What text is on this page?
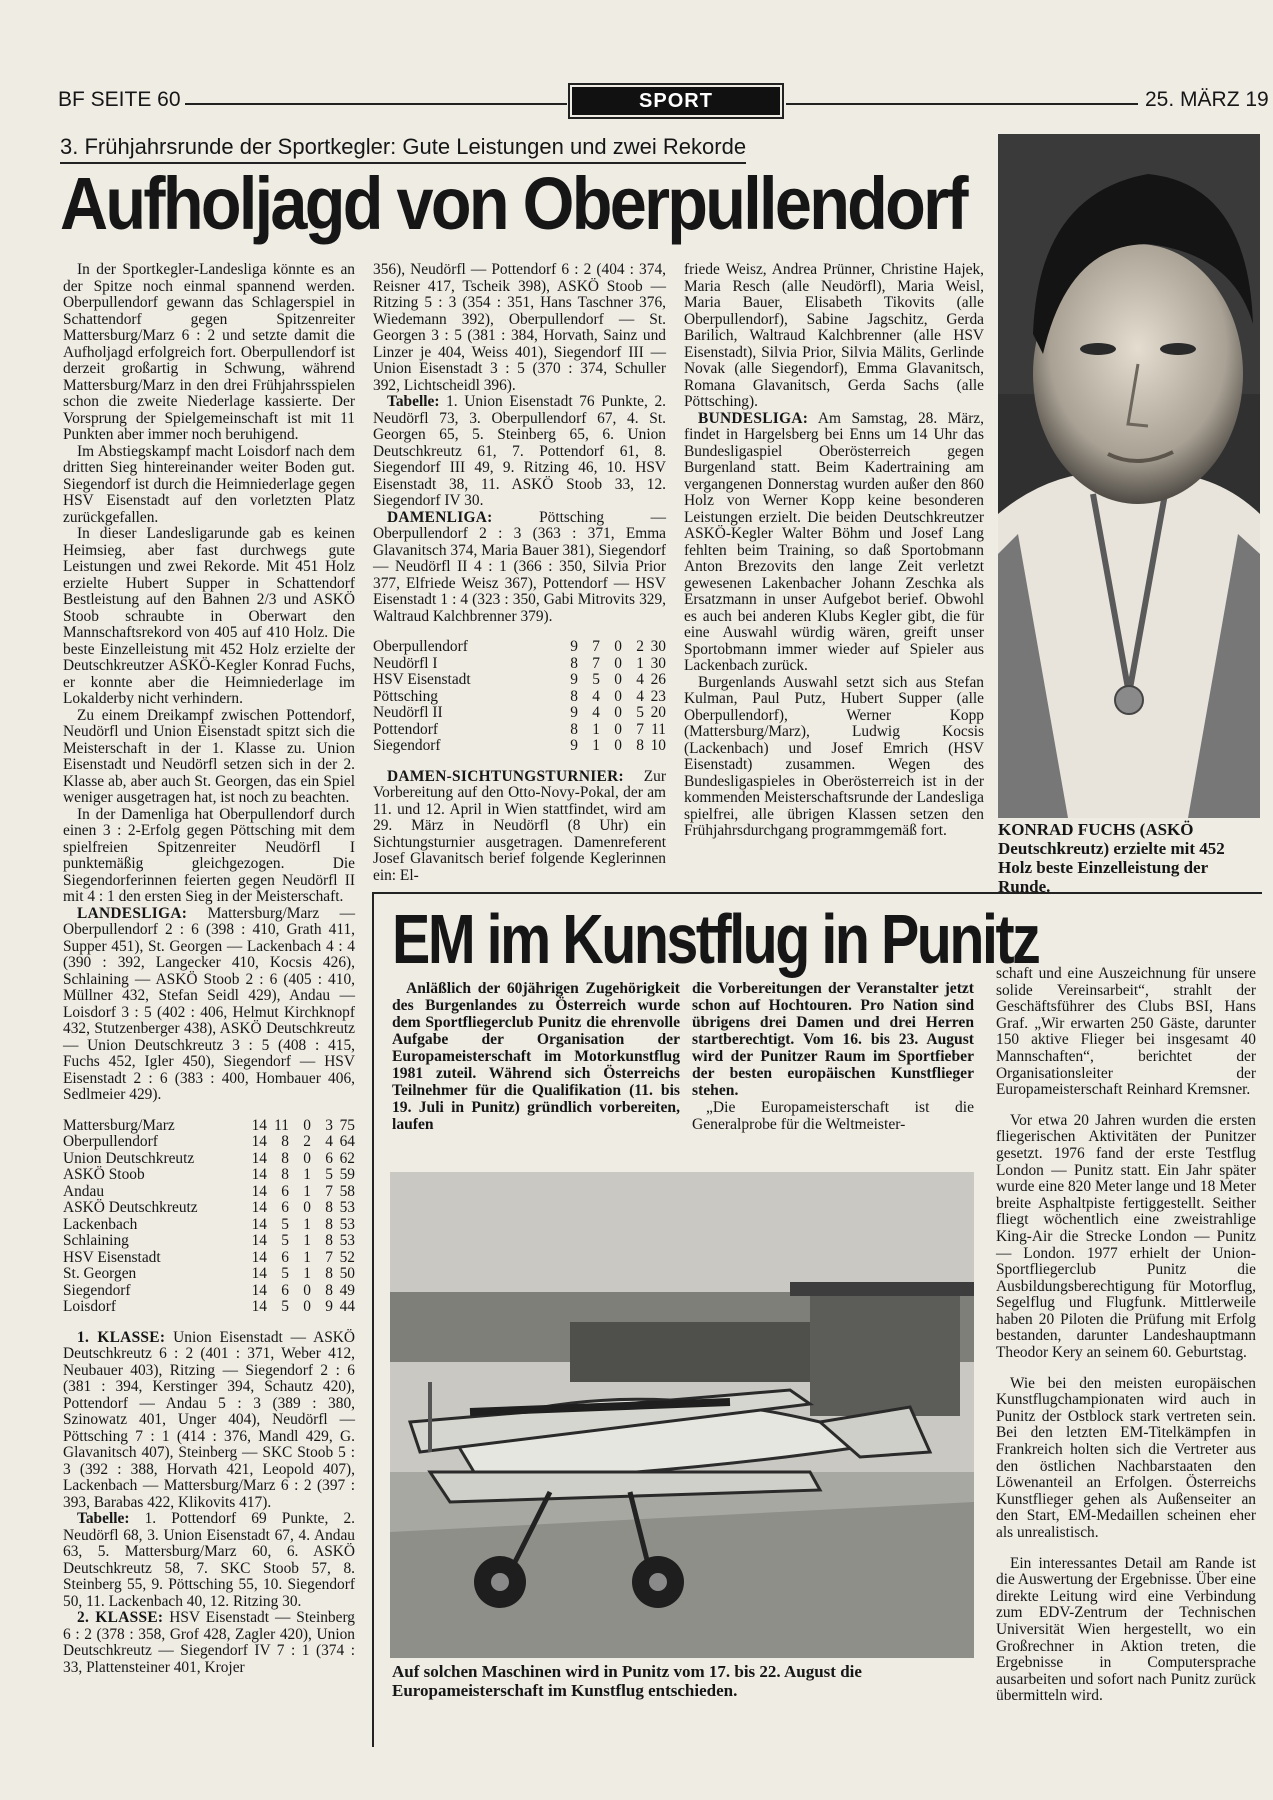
BF SEITE 60	SPORT	25. MÄRZ 19
3. Frühjahrsrunde der Sportkegler: Gute Leistungen und zwei Rekorde
Aufholjagd von Oberpullendorf

In der Sportkegler-Landesliga könnte es an der Spitze noch einmal spannend werden. Oberpullendorf gewann das Schlagerspiel in Schattendorf gegen Spitzenreiter Mattersburg/Marz 6 : 2 und setzte damit die Aufholjagd erfolgreich fort. Oberpullendorf ist derzeit großartig in Schwung, während Mattersburg/Marz in den drei Frühjahrsspielen schon die zweite Niederlage kassierte. Der Vorsprung der Spielgemeinschaft ist mit 11 Punkten aber immer noch beruhigend.

Im Abstiegskampf macht Loisdorf nach dem dritten Sieg hintereinander weiter Boden gut. Siegendorf ist durch die Heimniederlage gegen HSV Eisenstadt auf den vorletzten Platz zurückgefallen.

In dieser Landesligarunde gab es keinen Heimsieg, aber fast durchwegs gute Leistungen und zwei Rekorde. Mit 451 Holz erzielte Hubert Supper in Schattendorf Bestleistung auf den Bahnen 2/3 und ASKÖ Stoob schraubte in Oberwart den Mannschaftsrekord von 405 auf 410 Holz. Die beste Einzelleistung mit 452 Holz erzielte der Deutschkreutzer ASKÖ-Kegler Konrad Fuchs, er konnte aber die Heimniederlage im Lokalderby nicht verhindern.

Zu einem Dreikampf zwischen Pottendorf, Neudörfl und Union Eisenstadt spitzt sich die Meisterschaft in der 1. Klasse zu. Union Eisenstadt und Neudörfl setzen sich in der 2. Klasse ab, aber auch St. Georgen, das ein Spiel weniger ausgetragen hat, ist noch zu beachten.

In der Damenliga hat Oberpullendorf durch einen 3 : 2-Erfolg gegen Pöttsching mit dem spielfreien Spitzenreiter Neudörfl I punktemäßig gleichgezogen. Die Siegendorferinnen feierten gegen Neudörfl II mit 4 : 1 den ersten Sieg in der Meisterschaft.

LANDESLIGA: Mattersburg/Marz — Oberpullendorf 2 : 6 (398 : 410, Grath 411, Supper 451), St. Georgen — Lackenbach 4 : 4 (390 : 392, Langecker 410, Kocsis 426), Schlaining — ASKÖ Stoob 2 : 6 (405 : 410, Müllner 432, Stefan Seidl 429), Andau — Loisdorf 3 : 5 (402 : 406, Helmut Kirchknopf 432, Stutzenberger 438), ASKÖ Deutschkreutz — Union Deutschkreutz 3 : 5 (408 : 415, Fuchs 452, Igler 450), Siegendorf — HSV Eisenstadt 2 : 6 (383 : 400, Hombauer 406, Sedlmeier 429).

Mattersburg/Marz	14	11	0	3	75
Oberpullendorf	14	8	2	4	64
Union Deutschkreutz	14	8	0	6	62
ASKÖ Stoob	14	8	1	5	59
Andau	14	6	1	7	58
ASKÖ Deutschkreutz	14	6	0	8	53
Lackenbach	14	5	1	8	53
Schlaining	14	5	1	8	53
HSV Eisenstadt	14	6	1	7	52
St. Georgen	14	5	1	8	50
Siegendorf	14	6	0	8	49
Loisdorf	14	5	0	9	44

1. KLASSE: Union Eisenstadt — ASKÖ Deutschkreutz 6 : 2 (401 : 371, Weber 412, Neubauer 403), Ritzing — Siegendorf 2 : 6 (381 : 394, Kerstinger 394, Schautz 420), Pottendorf — Andau 5 : 3 (389 : 380, Szinowatz 401, Unger 404), Neudörfl — Pöttsching 7 : 1 (414 : 376, Mandl 429, G. Glavanitsch 407), Steinberg — SKC Stoob 5 : 3 (392 : 388, Horvath 421, Leopold 407), Lackenbach — Mattersburg/Marz 6 : 2 (397 : 393, Barabas 422, Klikovits 417).

Tabelle: 1. Pottendorf 69 Punkte, 2. Neudörfl 68, 3. Union Eisenstadt 67, 4. Andau 63, 5. Mattersburg/Marz 60, 6. ASKÖ Deutschkreutz 58, 7. SKC Stoob 57, 8. Steinberg 55, 9. Pöttsching 55, 10. Siegendorf 50, 11. Lackenbach 40, 12. Ritzing 30.

2. KLASSE: HSV Eisenstadt — Steinberg 6 : 2 (378 : 358, Grof 428, Zagler 420), Union Deutschkreutz — Siegendorf IV 7 : 1 (374 : 33, Plattensteiner 401, Krojer

356), Neudörfl — Pottendorf 6 : 2 (404 : 374, Reisner 417, Tscheik 398), ASKÖ Stoob — Ritzing 5 : 3 (354 : 351, Hans Taschner 376, Wiedemann 392), Oberpullendorf — St. Georgen 3 : 5 (381 : 384, Horvath, Sainz und Linzer je 404, Weiss 401), Siegendorf III — Union Eisenstadt 3 : 5 (370 : 374, Schuller 392, Lichtscheidl 396).

Tabelle: 1. Union Eisenstadt 76 Punkte, 2. Neudörfl 73, 3. Oberpullendorf 67, 4. St. Georgen 65, 5. Steinberg 65, 6. Union Deutschkreutz 61, 7. Pottendorf 61, 8. Siegendorf III 49, 9. Ritzing 46, 10. HSV Eisenstadt 38, 11. ASKÖ Stoob 33, 12. Siegendorf IV 30.

DAMENLIGA:	Pöttsching — Oberpullendorf 2 : 3 (363 : 371, Emma Glavanitsch 374, Maria Bauer 381), Siegendorf — Neudörfl II 4 : 1 (366 : 350, Silvia Prior 377, Elfriede Weisz 367), Pottendorf — HSV Eisenstadt 1 : 4 (323 : 350, Gabi Mitrovits 329, Waltraud Kalchbrenner 379).

Oberpullendorf	9	7	0	2	30
Neudörfl I	8	7	0	1	30
HSV Eisenstadt	9	5	0	4	26
Pöttsching	8	4	0	4	23
Neudörfl II	9	4	0	5	20
Pottendorf	8	1	0	7	11
Siegendorf	9	1	0	8	10

DAMEN-SICHTUNGSTURNIER: Zur Vorbereitung auf den Otto-Novy-Pokal, der am 11. und 12. April in Wien stattfindet, wird am 29. März in Neudörfl (8 Uhr) ein Sichtungsturnier ausgetragen. Damenreferent Josef Glavanitsch berief folgende Keglerinnen ein: El-

friede Weisz, Andrea Prünner, Christine Hajek, Maria Resch (alle Neudörfl), Maria Weisl, Maria Bauer, Elisabeth Tikovits (alle Oberpullendorf), Sabine Jagschitz, Gerda Barilich, Waltraud Kalchbrenner (alle HSV Eisenstadt), Silvia Prior, Silvia Mälits, Gerlinde Novak (alle Siegendorf), Emma Glavanitsch, Romana Glavanitsch, Gerda Sachs (alle Pöttsching).

BUNDESLIGA: Am Samstag, 28. März, findet in Hargelsberg bei Enns um 14 Uhr das Bundesligaspiel Oberösterreich gegen Burgenland statt. Beim Kadertraining am vergangenen Donnerstag wurden außer den 860 Holz von Werner Kopp keine besonderen Leistungen erzielt. Die beiden Deutschkreutzer ASKÖ-Kegler Walter Böhm und Josef Lang fehlten beim Training, so daß Sportobmann Anton Brezovits den lange Zeit verletzt gewesenen Lakenbacher Johann Zeschka als Ersatzmann in unser Aufgebot berief. Obwohl es auch bei anderen Klubs Kegler gibt, die für eine Auswahl würdig wären, greift unser Sportobmann immer wieder auf Spieler aus Lackenbach zurück.

Burgenlands Auswahl setzt sich aus Stefan Kulman, Paul Putz, Hubert Supper (alle Oberpullendorf), Werner Kopp (Mattersburg/Marz), Ludwig Kocsis (Lackenbach) und Josef Emrich (HSV Eisenstadt) zusammen. Wegen des Bundesligaspieles in Oberösterreich ist in der kommenden Meisterschaftsrunde der Landesliga spielfrei, alle übrigen Klassen setzen den Frühjahrsdurchgang programmgemäß fort.	KONRAD FUCHS (ASKÖ Deutschkreutz) erzielte mit 452 Holz beste Einzelleistung der Runde.
EM im Kunstflug in Punitz

Anläßlich der 60jährigen Zugehörigkeit des Burgenlandes zu Österreich wurde dem Sportfliegerclub Punitz die ehrenvolle Aufgabe der Organisation der Europameisterschaft im Motorkunstflug 1981 zuteil. Während sich Österreichs Teilnehmer für die Qualifikation (11. bis 19. Juli in Punitz) gründlich vorbereiten, laufen

die Vorbereitungen der Veranstalter jetzt schon auf Hochtouren. Pro Nation sind übrigens drei Damen und drei Herren startberechtigt. Vom 16. bis 23. August wird der Punitzer Raum im Sportfieber der besten europäischen Kunstflieger stehen.

„Die Europameisterschaft ist die Generalprobe für die Weltmeister-

Auf solchen Maschinen wird in Punitz vom 17. bis 22. August die Europameisterschaft im Kunstflug entschieden.

schaft und eine Auszeichnung für unsere solide Vereinsarbeit“, strahlt der Geschäftsführer des Clubs BSI, Hans Graf. „Wir erwarten 250 Gäste, darunter 150 aktive Flieger bei insgesamt 40 Mannschaften“, berichtet der Organisationsleiter der Europameisterschaft Reinhard Kremsner.

Vor etwa 20 Jahren wurden die ersten fliegerischen Aktivitäten der Punitzer gesetzt. 1976 fand der erste Testflug London — Punitz statt. Ein Jahr später wurde eine 820 Meter lange und 18 Meter breite Asphaltpiste fertiggestellt. Seither fliegt wöchentlich eine zweistrahlige King-Air die Strecke London — Punitz — London. 1977 erhielt der Union-Sportfliegerclub Punitz die Ausbildungsberechtigung für Motorflug, Segelflug und Flugfunk. Mittlerweile haben 20 Piloten die Prüfung mit Erfolg bestanden, darunter Landeshauptmann Theodor Kery an seinem 60. Geburtstag.

Wie bei den meisten europäischen Kunstflugchampionaten wird auch in Punitz der Ostblock stark vertreten sein. Bei den letzten EM-Titelkämpfen in Frankreich holten sich die Vertreter aus den östlichen Nachbarstaaten den Löwenanteil an Erfolgen. Österreichs Kunstflieger gehen als Außenseiter an den Start, EM-Medaillen scheinen eher als unrealistisch.

Ein interessantes Detail am Rande ist die Auswertung der Ergebnisse. Über eine direkte Leitung wird eine Verbindung zum EDV-Zentrum der Technischen Universität Wien hergestellt, wo ein Großrechner in Aktion treten, die Ergebnisse in Computersprache ausarbeiten und sofort nach Punitz zurück übermitteln wird.
